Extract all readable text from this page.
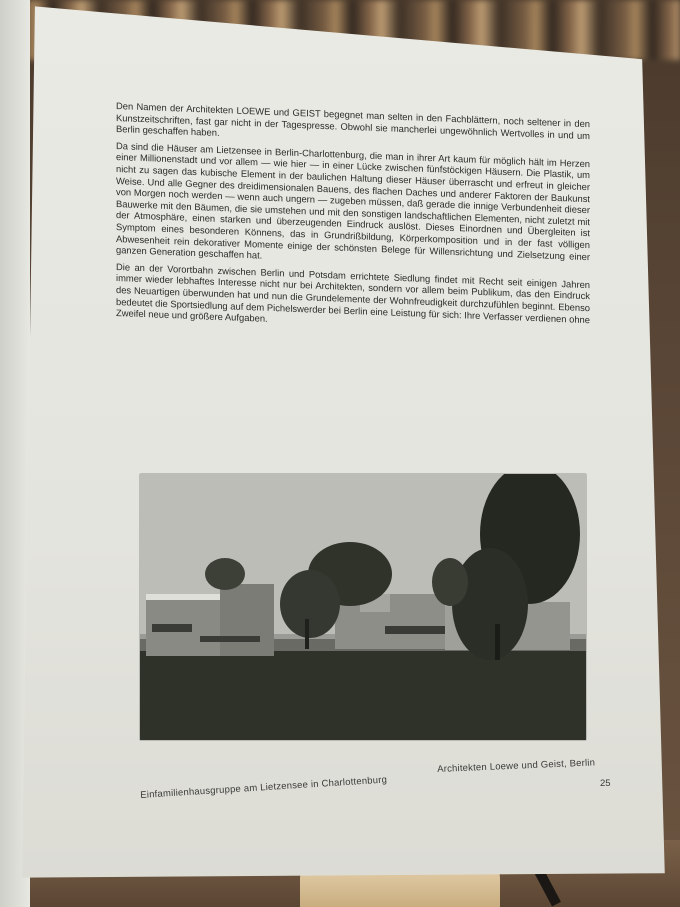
Den Namen der Architekten LOEWE und GEIST begegnet man selten in den Fachblättern, noch seltener in den Kunstzeitschriften, fast gar nicht in der Tagespresse. Obwohl sie mancherlei ungewöhnlich Wertvolles in und um Berlin geschaffen haben.

Da sind die Häuser am Lietzensee in Berlin-Charlottenburg, die man in ihrer Art kaum für möglich hält im Herzen einer Millionenstadt und vor allem — wie hier — in einer Lücke zwischen fünfstöckigen Häusern. Die Plastik, um nicht zu sagen das kubische Element in der baulichen Haltung dieser Häuser überrascht und erfreut in gleicher Weise. Und alle Gegner des dreidimensionalen Bauens, des flachen Daches und anderer Faktoren der Baukunst von Morgen noch werden — wenn auch ungern — zugeben müssen, daß gerade die innige Verbundenheit dieser Bauwerke mit den Bäumen, die sie umstehen und mit den sonstigen landschaftlichen Elementen, nicht zuletzt mit der Atmosphäre, einen starken und überzeugenden Eindruck auslöst. Dieses Einordnen und Übergleiten ist Symptom eines besonderen Könnens, das in Grundrißbildung, Körperkomposition und in der fast völligen Abwesenheit rein dekorativer Momente einige der schönsten Belege für Willensrichtung und Zielsetzung einer ganzen Generation geschaffen hat.

Die an der Vorortbahn zwischen Berlin und Potsdam errichtete Siedlung findet mit Recht seit einigen Jahren immer wieder lebhaftes Interesse nicht nur bei Architekten, sondern vor allem beim Publikum, das den Eindruck des Neuartigen überwunden hat und nun die Grundelemente der Wohnfreudigkeit durchzufühlen beginnt. Ebenso bedeutet die Sportsiedlung auf dem Pichelswerder bei Berlin eine Leistung für sich: Ihre Verfasser verdienen ohne Zweifel neue und größere Aufgaben.

Einfamilienhausgruppe am Lietzensee in Charlottenburg
Architekten Loewe und Geist, Berlin
25
